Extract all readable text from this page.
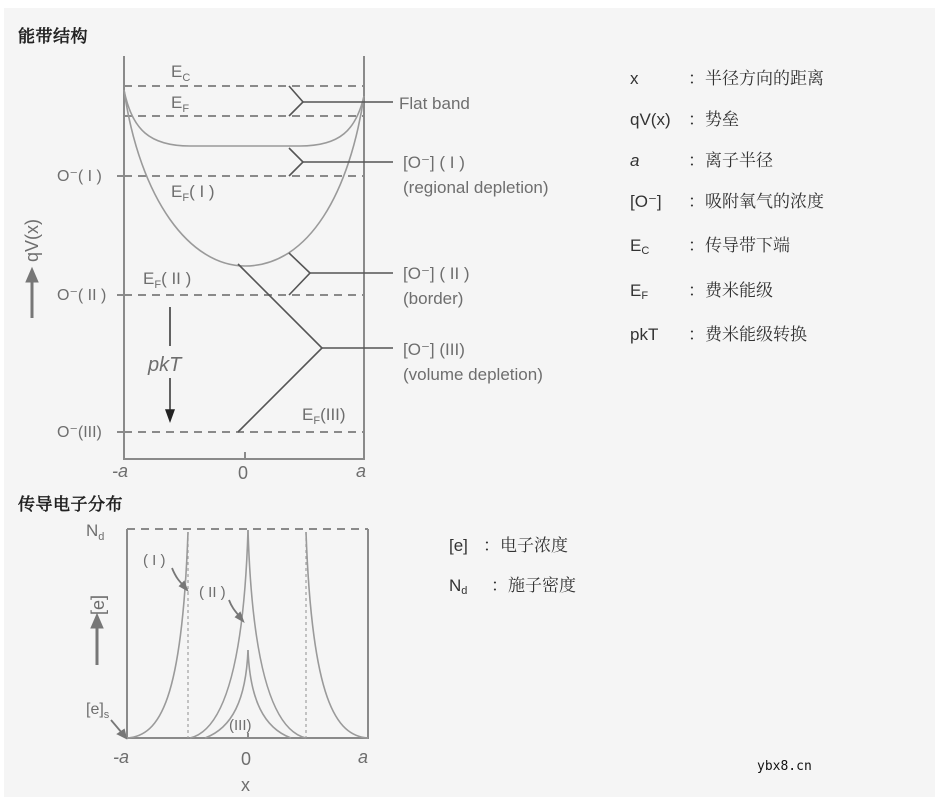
能带结构
$E_C$
$E_F$
$E_F$( I )
$E_F$( II )
$E_F(III)$
O⁻( I )
O⁻( II )
O⁻(III)
pkT
qV(x)
-a	0	a
Flat band
[O⁻] ( I )
(regional depletion)
[O⁻] ( II )
(border)
[O⁻] (III)
(volume depletion)
x	：半径方向的距离
qV(x) ：势垒
a	：离子半径
[O⁻] ：吸附氧气的浓度
$E_C$ ：传导带下端
$E_F$ ：费米能级
pkT ：费米能级转换
传导电子分布
$N_d$
[e]
$[e]_s$
( I )
( II )
(III)
-a	0	a
x
[e] ：电子浓度
$N_d$ ：施子密度
ybx8.cn
